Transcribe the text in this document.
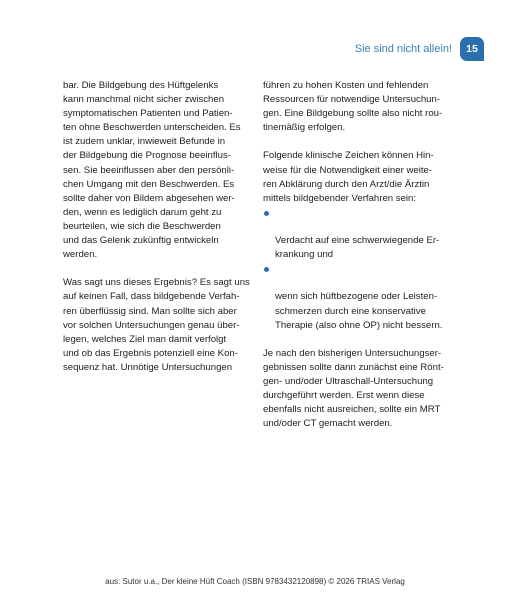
Sie sind nicht allein!	15

bar. Die Bildgebung des Hüftgelenks
kann manchmal nicht sicher zwischen
symptomatischen Patienten und Patien-
ten ohne Beschwerden unterscheiden. Es
ist zudem unklar, inwieweit Befunde in
der Bildgebung die Prognose beeinflus-
sen. Sie beeinflussen aber den persönli-
chen Umgang mit den Beschwerden. Es
sollte daher von Bildern abgesehen wer-
den, wenn es lediglich darum geht zu
beurteilen, wie sich die Beschwerden
und das Gelenk zukünftig entwickeln
werden.

Was sagt uns dieses Ergebnis? Es sagt uns
auf keinen Fall, dass bildgebende Verfah-
ren überflüssig sind. Man sollte sich aber
vor solchen Untersuchungen genau über-
legen, welches Ziel man damit verfolgt
und ob das Ergebnis potenziell eine Kon-
sequenz hat. Unnötige Untersuchungen

führen zu hohen Kosten und fehlenden
Ressourcen für notwendige Untersuchun-
gen. Eine Bildgebung sollte also nicht rou-
tinemäßig erfolgen.

Folgende klinische Zeichen können Hin-
weise für die Notwendigkeit einer weite-
ren Abklärung durch den Arzt/die Ärztin
mittels bildgebender Verfahren sein:

Verdacht auf eine schwerwiegende Er-
krankung und

wenn sich hüftbezogene oder Leisten-
schmerzen durch eine konservative
Therapie (also ohne OP) nicht bessern.

Je nach den bisherigen Untersuchungser-
gebnissen sollte dann zunächst eine Rönt-
gen- und/oder Ultraschall-Untersuchung
durchgeführt werden. Erst wenn diese
ebenfalls nicht ausreichen, sollte ein MRT
und/oder CT gemacht werden.

aus: Sutor u.a., Der kleine Hüft Coach (ISBN 9783432120898) © 2026 TRIAS Verlag
